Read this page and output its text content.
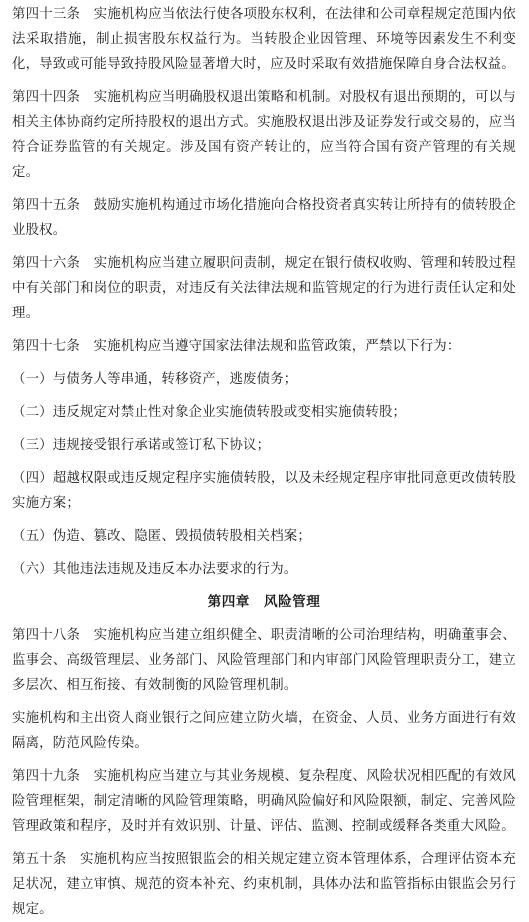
第四十三条　实施机构应当依法行使各项股东权利，在法律和公司章程规定范围内依法采取措施，制止损害股东权益行为。当转股企业因管理、环境等因素发生不利变化，导致或可能导致持股风险显著增大时，应及时采取有效措施保障自身合法权益。

第四十四条　实施机构应当明确股权退出策略和机制。对股权有退出预期的，可以与相关主体协商约定所持股权的退出方式。实施股权退出涉及证券发行或交易的，应当符合证券监管的有关规定。涉及国有资产转让的，应当符合国有资产管理的有关规定。

第四十五条　鼓励实施机构通过市场化措施向合格投资者真实转让所持有的债转股企业股权。

第四十六条　实施机构应当建立履职问责制，规定在银行债权收购、管理和转股过程中有关部门和岗位的职责，对违反有关法律法规和监管规定的行为进行责任认定和处理。

第四十七条　实施机构应当遵守国家法律法规和监管政策，严禁以下行为：

（一）与债务人等串通，转移资产，逃废债务；

（二）违反规定对禁止性对象企业实施债转股或变相实施债转股；

（三）违规接受银行承诺或签订私下协议；

（四）超越权限或违反规定程序实施债转股，以及未经规定程序审批同意更改债转股实施方案；

（五）伪造、篡改、隐匿、毁损债转股相关档案；

（六）其他违法违规及违反本办法要求的行为。

第四章　风险管理

第四十八条　实施机构应当建立组织健全、职责清晰的公司治理结构，明确董事会、监事会、高级管理层、业务部门、风险管理部门和内审部门风险管理职责分工，建立多层次、相互衔接、有效制衡的风险管理机制。

实施机构和主出资人商业银行之间应建立防火墙，在资金、人员、业务方面进行有效隔离，防范风险传染。

第四十九条　实施机构应当建立与其业务规模、复杂程度、风险状况相匹配的有效风险管理框架，制定清晰的风险管理策略，明确风险偏好和风险限额，制定、完善风险管理政策和程序，及时并有效识别、计量、评估、监测、控制或缓释各类重大风险。

第五十条　实施机构应当按照银监会的相关规定建立资本管理体系，合理评估资本充足状况，建立审慎、规范的资本补充、约束机制，具体办法和监管指标由银监会另行规定。
